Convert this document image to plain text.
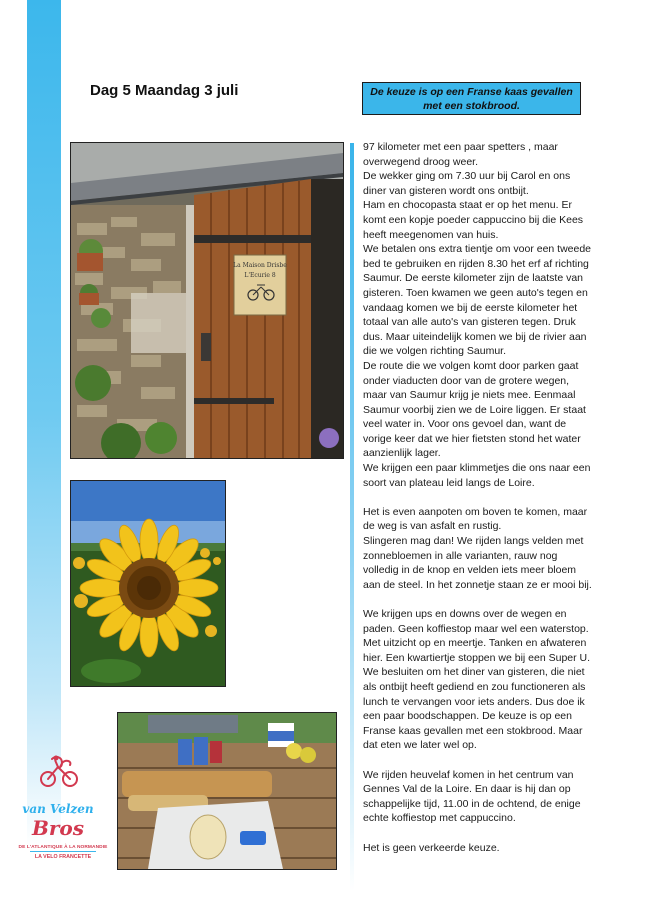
Dag 5 Maandag 3 juli	De keuze is op een Franse kaas gevallen met een stokbrood.

97 kilometer met een paar spetters , maar overwegend droog weer.
De wekker ging om 7.30 uur bij Carol en ons diner van gisteren wordt ons ontbijt.
Ham en chocopasta staat er op het menu. Er komt een kopje poeder cappuccino bij die Kees heeft meegenomen van huis.
We betalen ons extra tientje om voor een tweede bed te gebruiken en rijden 8.30 het erf af richting Saumur. De eerste kilometer zijn de laatste van gisteren. Toen kwamen we geen auto's tegen en vandaag komen we bij de eerste kilometer het totaal van alle auto's van gisteren tegen. Druk dus. Maar uiteindelijk komen we bij de rivier aan die we volgen richting Saumur.
De route die we volgen komt door parken gaat onder viaducten door van de grotere wegen, maar van Saumur krijg je niets mee. Eenmaal Saumur voorbij zien we de Loire liggen. Er staat veel water in. Voor ons gevoel dan, want de vorige keer dat we hier fietsten stond het water aanzienlijk lager.
We krijgen een paar klimmetjes die ons naar een soort van plateau leid langs de Loire.

Het is even aanpoten om boven te komen, maar de weg is van asfalt en rustig.
Slingeren mag dan! We rijden langs velden met zonnebloemen in alle varianten, rauw nog volledig in de knop en velden iets meer bloem aan de steel. In het zonnetje staan ze er mooi bij.

We krijgen ups en downs over de wegen en paden. Geen koffiestop maar wel een waterstop. Met uitzicht op en meertje. Tanken en afwateren hier. Een kwartiertje stoppen we bij een Super U. We besluiten om het diner van gisteren, die niet als ontbijt heeft gediend en zou functioneren als lunch te vervangen voor iets anders. Dus doe ik een paar boodschappen. De keuze is op een Franse kaas gevallen met een stokbrood. Maar dat eten we later wel op.

We rijden heuvelaf komen in het centrum van Gennes Val de la Loire. En daar is hij dan op schappelijke tijd, 11.00 in de ochtend, de enige echte koffiestop met cappuccino.

Het is geen verkeerde keuze.

La Maison Drisbe
L'Ecurie 8
van Velzen
Bros
DE L'ATLANTIQUE À LA NORMANDIE
LA VELO FRANCETTE
